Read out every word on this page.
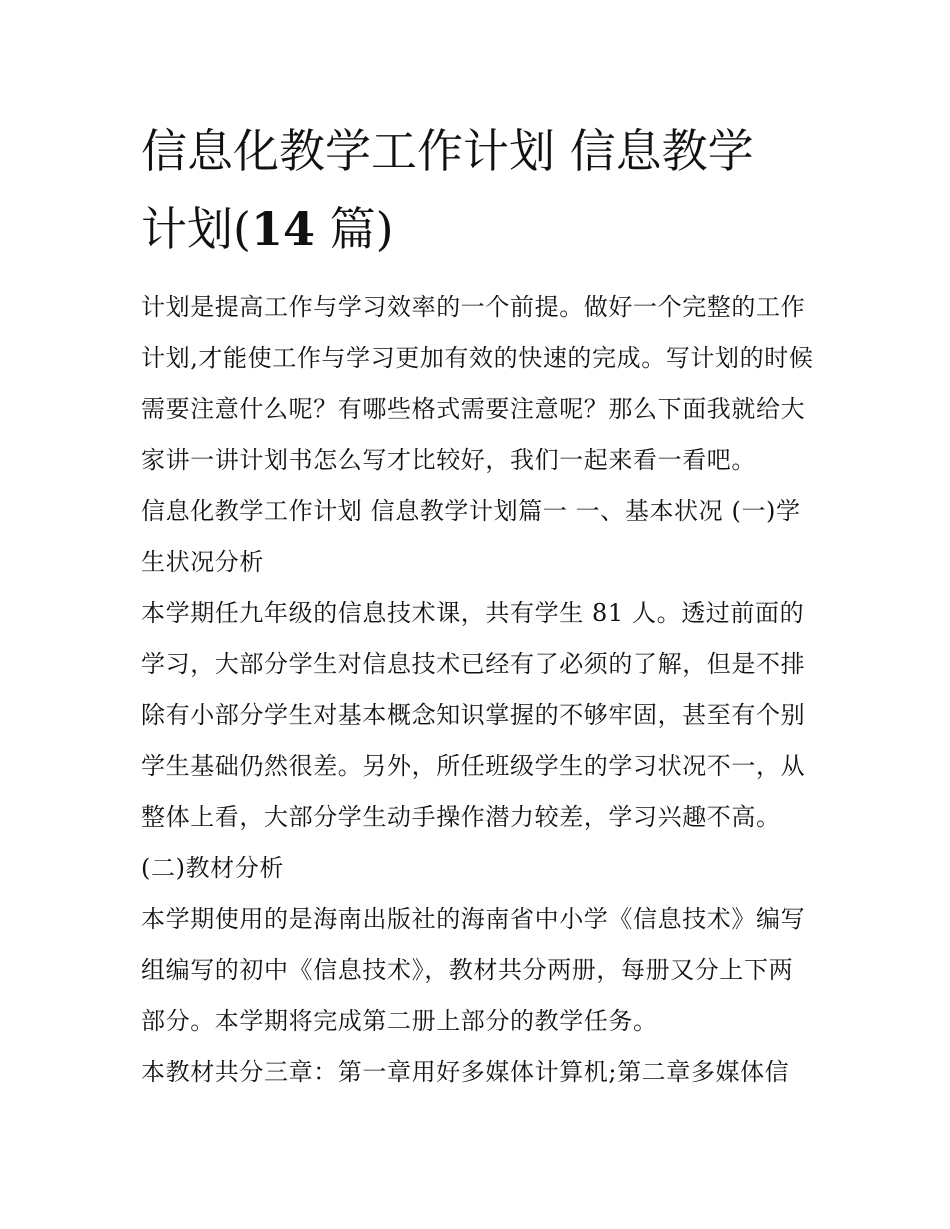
信息化教学工作计划 信息教学
计划(14 篇)

计划是提高工作与学习效率的一个前提。做好一个完整的工作计划,才能使工作与学习更加有效的快速的完成。写计划的时候需要注意什么呢？有哪些格式需要注意呢？那么下面我就给大家讲一讲计划书怎么写才比较好，我们一起来看一看吧。

信息化教学工作计划 信息教学计划篇一 一、基本状况 (一)学生状况分析

本学期任九年级的信息技术课，共有学生 81 人。透过前面的学习，大部分学生对信息技术已经有了必须的了解，但是不排除有小部分学生对基本概念知识掌握的不够牢固，甚至有个别学生基础仍然很差。另外，所任班级学生的学习状况不一，从整体上看，大部分学生动手操作潜力较差，学习兴趣不高。

(二)教材分析

本学期使用的是海南出版社的海南省中小学《信息技术》编写组编写的初中《信息技术》，教材共分两册，每册又分上下两部分。本学期将完成第二册上部分的教学任务。

本教材共分三章：第一章用好多媒体计算机;第二章多媒体信
